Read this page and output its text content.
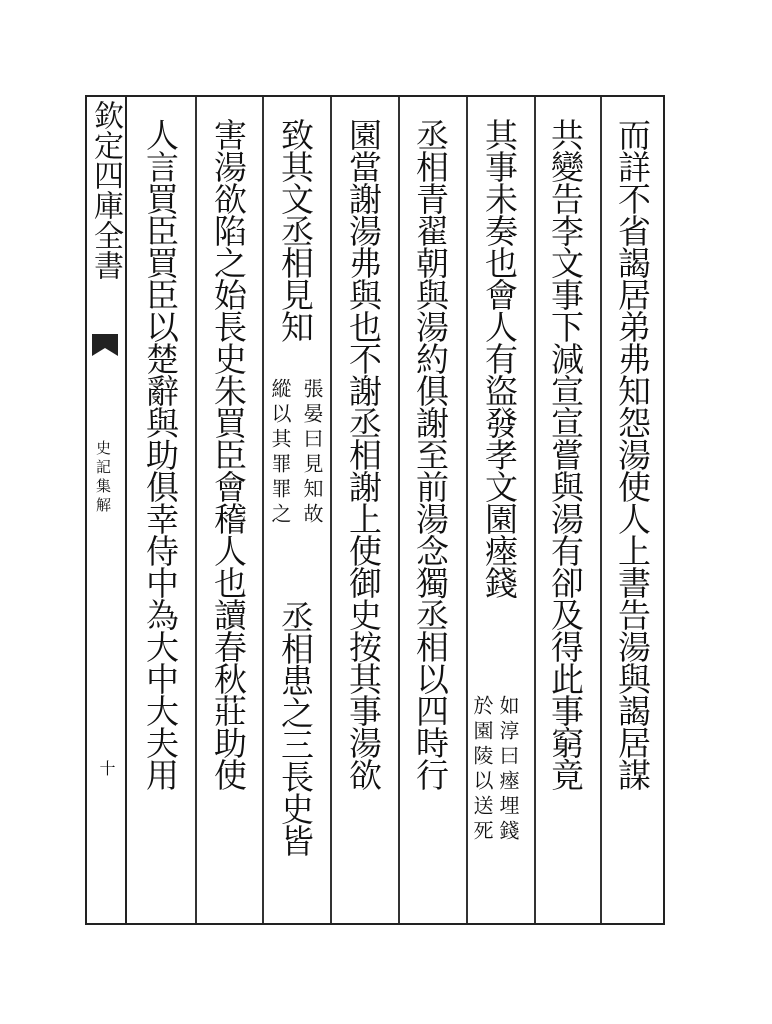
欽定四庫全書
史記集解
十	而詳不省謁居弟弗知怨湯使人上書告湯與謁居謀
共變告李文事下減宣宣嘗與湯有卻及得此事窮竟
其事未奏也會人有盜發孝文園瘞錢
如淳曰瘞埋錢
於園陵以送死
丞相青翟朝與湯約俱謝至前湯念獨丞相以四時行
園當謝湯弗與也不謝丞相謝上使御史按其事湯欲
致其文丞相見知
張晏曰見知故
縱以其罪罪之
丞相患之三長史皆
害湯欲陷之始長史朱買臣會稽人也讀春秋莊助使
人言買臣買臣以楚辭與助俱幸侍中為大中大夫用
